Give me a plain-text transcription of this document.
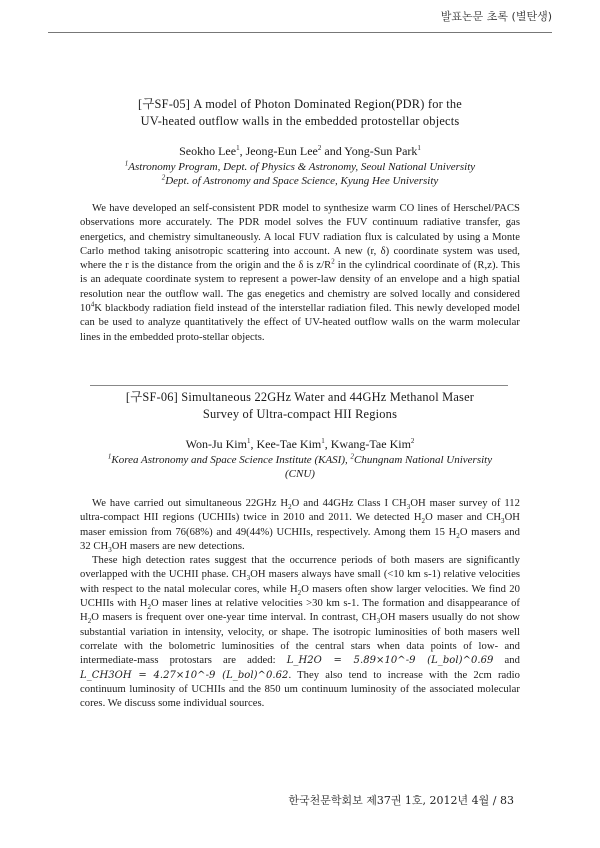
발표논문 초록 (별탄생)

[구SF-05] A model of Photon Dominated Region(PDR) for the
UV-heated outflow walls in the embedded protostellar objects

Seokho Lee$^1$, Jeong-Eun Lee$^2$ and Yong-Sun Park$^1$
$^1$Astronomy Program, Dept. of Physics & Astronomy, Seoul National University
$^2$Dept. of Astronomy and Space Science, Kyung Hee University

We have developed an self-consistent PDR model to synthesize warm CO lines of Herschel/PACS observations more accurately. The PDR model solves the FUV continuum radiative transfer, gas energetics, and chemistry simultaneously. A local FUV radiation flux is calculated by using a Monte Carlo method taking anisotropic scattering into account. A new (r, δ) coordinate system was used, where the r is the distance from the origin and the δ is $z/R^2$ in the cylindrical coordinate of (R,z). This is an adequate coordinate system to represent a power-law density of an envelope and a high spatial resolution near the outflow wall. The gas enegetics and chemistry are solved locally and considered $10^4K$ blackbody radiation field instead of the interstellar radiation filed. This newly developed model can be used to analyze quantitatively the effect of UV-heated outflow walls on the warm molecular lines in the embedded proto-stellar objects.

[구SF-06] Simultaneous 22GHz Water and 44GHz Methanol Maser
Survey of Ultra-compact HII Regions

Won-Ju Kim$^1$, Kee-Tae Kim$^1$, Kwang-Tae Kim$^2$
$^1$Korea Astronomy and Space Science Institute (KASI), $^2$Chungnam National University
(CNU)

We have carried out simultaneous 22GHz $H_2O$ and 44GHz Class I $CH_3OH$ maser survey of 112 ultra-compact HII regions (UCHIIs) twice in 2010 and 2011. We detected $H_2O$ maser and $CH_3OH$ maser emission from 76(68%) and 49(44%) UCHIIs, respectively. Among them 15 $H_2O$ masers and 32 $CH_3OH$ masers are new detections.

These high detection rates suggest that the occurrence periods of both masers are significantly overlapped with the UCHII phase. $CH_3OH$ masers always have small (<10 km s-1) relative velocities with respect to the natal molecular cores, while $H_2O$ masers often show larger velocities. We find 20 UCHIIs with $H_2O$ maser lines at relative velocities >30 km s-1. The formation and disappearance of $H_2O$ masers is frequent over one-year time interval. In contrast, $CH_3OH$ masers usually do not show substantial variation in intensity, velocity, or shape. The isotropic luminosities of both masers well correlate with the bolometric luminosities of the central stars when data points of low- and intermediate-mass protostars are added: L_H2O = 5.89×10^-9 (L_bol)^0.69 and L_CH3OH = 4.27×10^-9 (L_bol)^0.62. They also tend to increase with the 2cm radio continuum luminosity of UCHIIs and the 850 um continuum luminosity of the associated molecular cores. We discuss some individual sources.

한국천문학회보 제37권 1호, 2012년 4월 / 83
